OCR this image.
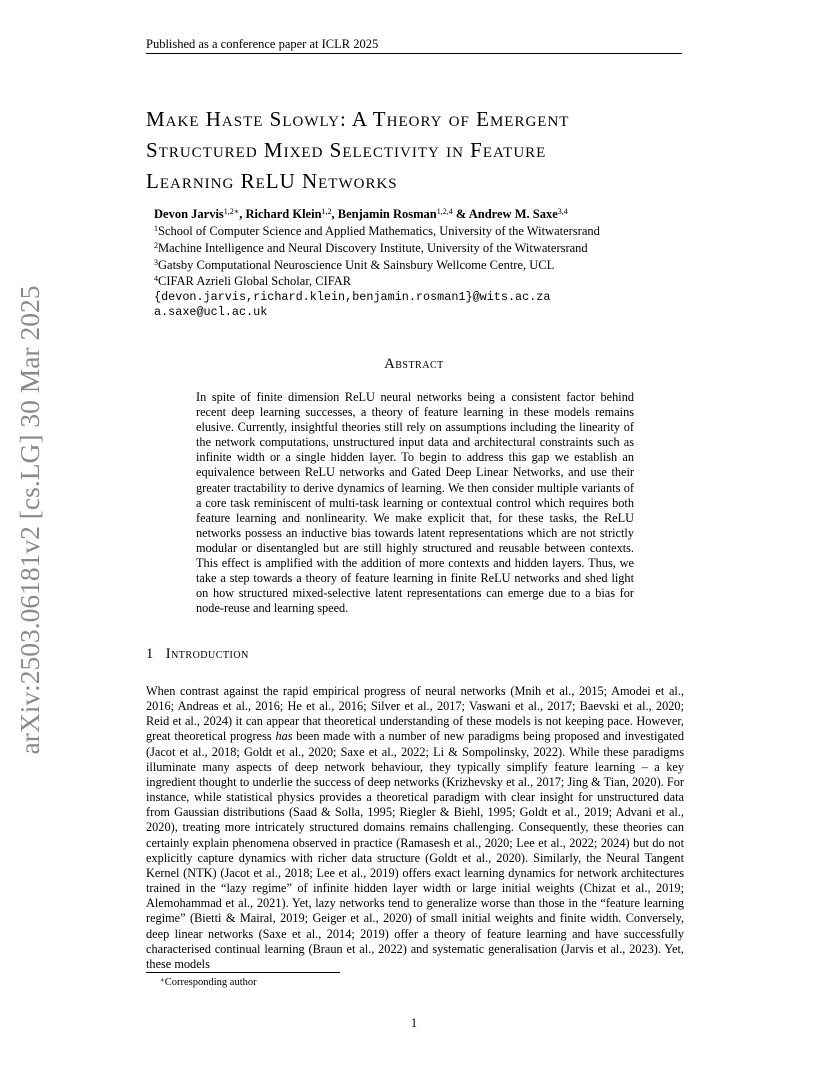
Published as a conference paper at ICLR 2025
arXiv:2503.06181v2 [cs.LG] 30 Mar 2025
Make Haste Slowly: A Theory of Emergent
Structured Mixed Selectivity in Feature
Learning ReLU Networks
Devon Jarvis$^{1,2∗}$, Richard Klein$^{1,2}$, Benjamin Rosman$^{1,2,4}$ & Andrew M. Saxe$^{3,4}$
$^1$School of Computer Science and Applied Mathematics, University of the Witwatersrand
$^2$Machine Intelligence and Neural Discovery Institute, University of the Witwatersrand
$^3$Gatsby Computational Neuroscience Unit & Sainsbury Wellcome Centre, UCL
$^4$CIFAR Azrieli Global Scholar, CIFAR
{devon.jarvis,richard.klein,benjamin.rosman1}@wits.ac.za
a.saxe@ucl.ac.uk
Abstract

In spite of finite dimension ReLU neural networks being a consistent factor behind recent deep learning successes, a theory of feature learning in these models remains elusive. Currently, insightful theories still rely on assumptions including the linearity of the network computations, unstructured input data and architectural constraints such as infinite width or a single hidden layer. To begin to address this gap we establish an equivalence between ReLU networks and Gated Deep Linear Networks, and use their greater tractability to derive dynamics of learning. We then consider multiple variants of a core task reminiscent of multi-task learning or contextual control which requires both feature learning and nonlinearity. We make explicit that, for these tasks, the ReLU networks possess an inductive bias towards latent representations which are not strictly modular or disentangled but are still highly structured and reusable between contexts. This effect is amplified with the addition of more contexts and hidden layers. Thus, we take a step towards a theory of feature learning in finite ReLU networks and shed light on how structured mixed-selective latent representations can emerge due to a bias for node-reuse and learning speed.

1 Introduction

When contrast against the rapid empirical progress of neural networks (Mnih et al., 2015; Amodei et al., 2016; Andreas et al., 2016; He et al., 2016; Silver et al., 2017; Vaswani et al., 2017; Baevski et al., 2020; Reid et al., 2024) it can appear that theoretical understanding of these models is not keeping pace. However, great theoretical progress has been made with a number of new paradigms being proposed and investigated (Jacot et al., 2018; Goldt et al., 2020; Saxe et al., 2022; Li & Sompolinsky, 2022). While these paradigms illuminate many aspects of deep network behaviour, they typically simplify feature learning – a key ingredient thought to underlie the success of deep networks (Krizhevsky et al., 2017; Jing & Tian, 2020). For instance, while statistical physics provides a theoretical paradigm with clear insight for unstructured data from Gaussian distributions (Saad & Solla, 1995; Riegler & Biehl, 1995; Goldt et al., 2019; Advani et al., 2020), treating more intricately structured domains remains challenging. Consequently, these theories can certainly explain phenomena observed in practice (Ramasesh et al., 2020; Lee et al., 2022; 2024) but do not explicitly capture dynamics with richer data structure (Goldt et al., 2020). Similarly, the Neural Tangent Kernel (NTK) (Jacot et al., 2018; Lee et al., 2019) offers exact learning dynamics for network architectures trained in the “lazy regime” of infinite hidden layer width or large initial weights (Chizat et al., 2019; Alemohammad et al., 2021). Yet, lazy networks tend to generalize worse than those in the “feature learning regime” (Bietti & Mairal, 2019; Geiger et al., 2020) of small initial weights and finite width. Conversely, deep linear networks (Saxe et al., 2014; 2019) offer a theory of feature learning and have successfully characterised continual learning (Braun et al., 2022) and systematic generalisation (Jarvis et al., 2023). Yet, these models

∗Corresponding author
1
